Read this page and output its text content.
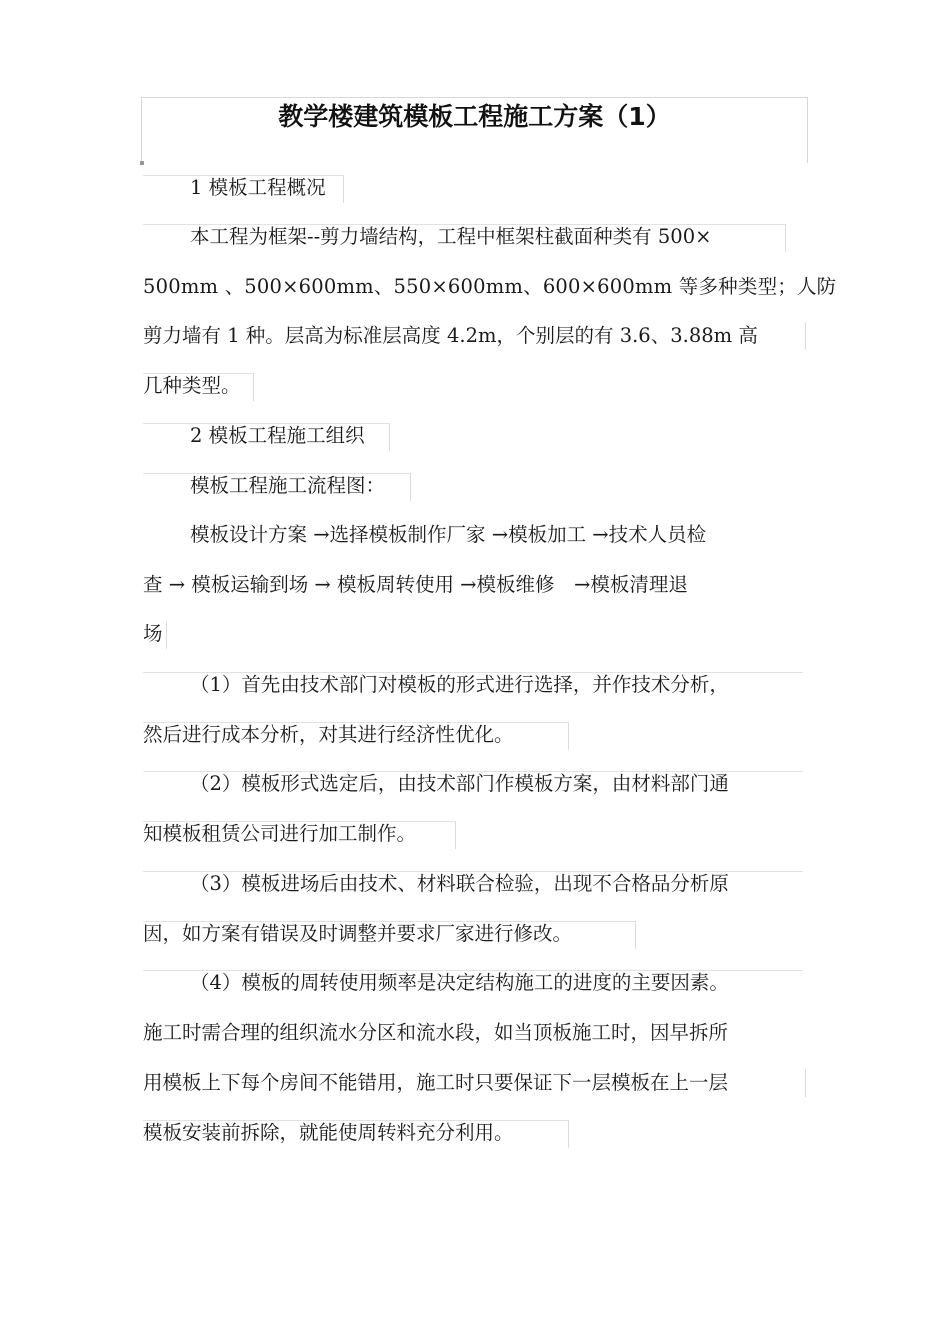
教学楼建筑模板工程施工方案（1）

1 模板工程概况

本工程为框架--剪力墙结构，工程中框架柱截面种类有 500×

500mm 、500×600mm、550×600mm、600×600mm 等多种类型；人防

剪力墙有 1 种。层高为标准层高度 4.2m，个别层的有 3.6、3.88m 高

几种类型。

2 模板工程施工组织

模板工程施工流程图：

模板设计方案 →选择模板制作厂家 →模板加工 →技术人员检

查 → 模板运输到场 → 模板周转使用 →模板维修　→模板清理退

场

（1）首先由技术部门对模板的形式进行选择，并作技术分析，

然后进行成本分析，对其进行经济性优化。

（2）模板形式选定后，由技术部门作模板方案，由材料部门通

知模板租赁公司进行加工制作。

（3）模板进场后由技术、材料联合检验，出现不合格品分析原

因，如方案有错误及时调整并要求厂家进行修改。

（4）模板的周转使用频率是决定结构施工的进度的主要因素。

施工时需合理的组织流水分区和流水段，如当顶板施工时，因早拆所

用模板上下每个房间不能错用，施工时只要保证下一层模板在上一层

模板安装前拆除，就能使周转料充分利用。
